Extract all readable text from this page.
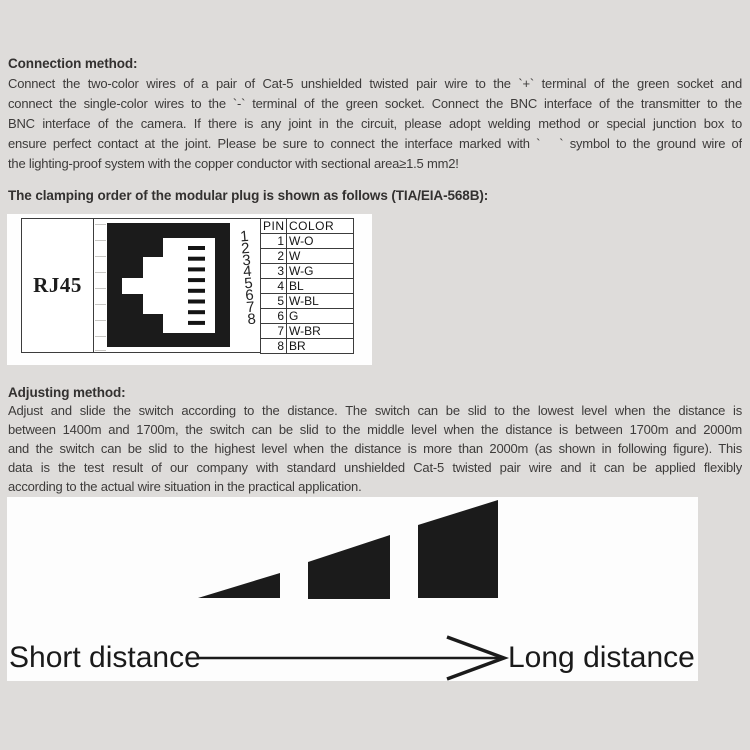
Connection method:
Connect the two-color wires of a pair of Cat-5 unshielded twisted pair wire to the `+` terminal of the green socket and
connect the single-color wires to the `-` terminal of the green socket. Connect the BNC interface of the transmitter to the
BNC interface of the camera. If there is any joint in the circuit, please adopt welding method or special junction box to
ensure perfect contact at the joint. Please be sure to connect the interface marked with `   ` symbol to the ground wire of
the lighting-proof system with the copper conductor with sectional area≥1.5 mm2!
The clamping order of the modular plug is shown as follows (TIA/EIA-568B):
RJ45
1
2
3
4
5
6
7
8
PIN COLOR
1 W-O
2 W
3 W-G
4 BL
5 W-BL
6 G
7 W-BR
8 BR
Adjusting method:
Adjust and slide the switch according to the distance. The switch can be slid to the lowest level when the distance is
between 1400m and 1700m, the switch can be slid to the middle level when the distance is between 1700m and 2000m
and the switch can be slid to the highest level when the distance is more than 2000m (as shown in following figure). This
data is the test result of our company with standard unshielded Cat-5 twisted pair wire and it can be applied flexibly
according to the actual wire situation in the practical application.
Short distance	Long distance
